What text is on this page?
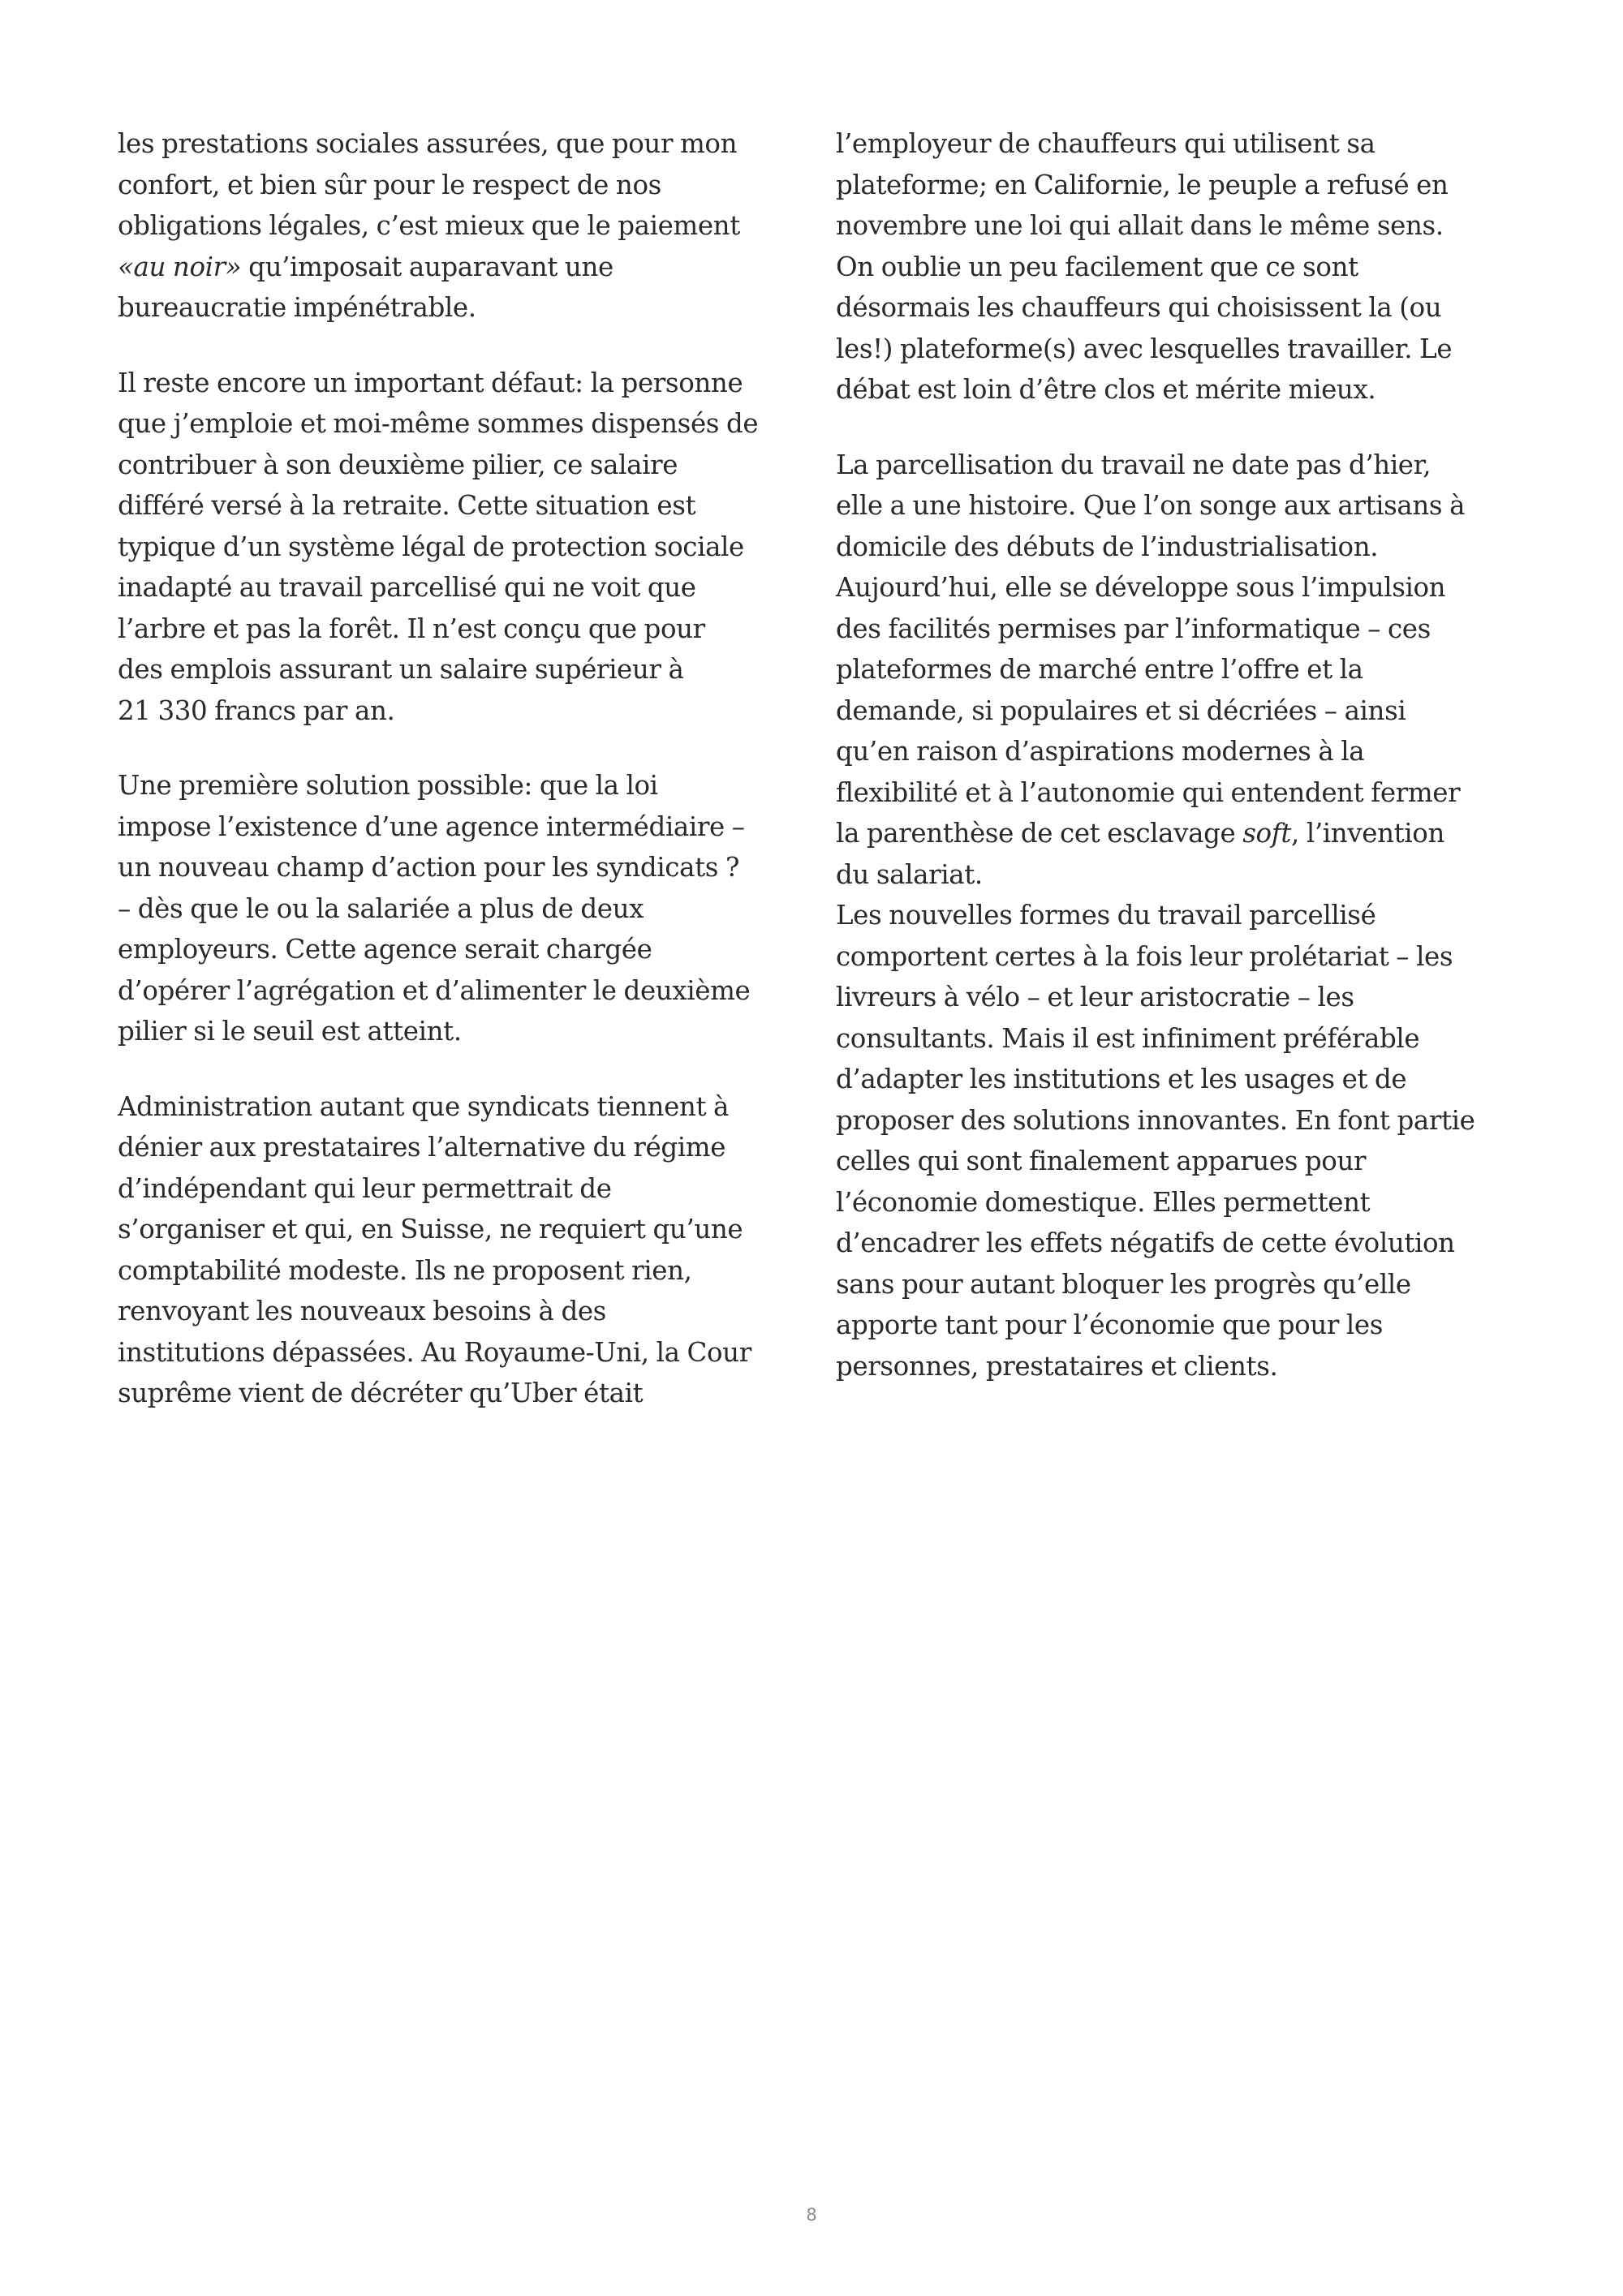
les prestations sociales assurées, que pour mon
confort, et bien sûr pour le respect de nos
obligations légales, c’est mieux que le paiement
«au noir» qu’imposait auparavant une
bureaucratie impénétrable.

Il reste encore un important défaut: la personne
que j’emploie et moi-même sommes dispensés de
contribuer à son deuxième pilier, ce salaire
différé versé à la retraite. Cette situation est
typique d’un système légal de protection sociale
inadapté au travail parcellisé qui ne voit que
l’arbre et pas la forêt. Il n’est conçu que pour
des emplois assurant un salaire supérieur à
21 330 francs par an.

Une première solution possible: que la loi
impose l’existence d’une agence intermédiaire –
un nouveau champ d’action pour les syndicats ?
– dès que le ou la salariée a plus de deux
employeurs. Cette agence serait chargée
d’opérer l’agrégation et d’alimenter le deuxième
pilier si le seuil est atteint.

Administration autant que syndicats tiennent à
dénier aux prestataires l’alternative du régime
d’indépendant qui leur permettrait de
s’organiser et qui, en Suisse, ne requiert qu’une
comptabilité modeste. Ils ne proposent rien,
renvoyant les nouveaux besoins à des
institutions dépassées. Au Royaume-Uni, la Cour
suprême vient de décréter qu’Uber était

l’employeur de chauffeurs qui utilisent sa
plateforme; en Californie, le peuple a refusé en
novembre une loi qui allait dans le même sens.
On oublie un peu facilement que ce sont
désormais les chauffeurs qui choisissent la (ou
les!) plateforme(s) avec lesquelles travailler. Le
débat est loin d’être clos et mérite mieux.

La parcellisation du travail ne date pas d’hier,
elle a une histoire. Que l’on songe aux artisans à
domicile des débuts de l’industrialisation.
Aujourd’hui, elle se développe sous l’impulsion
des facilités permises par l’informatique – ces
plateformes de marché entre l’offre et la
demande, si populaires et si décriées – ainsi
qu’en raison d’aspirations modernes à la
flexibilité et à l’autonomie qui entendent fermer
la parenthèse de cet esclavage soft, l’invention
du salariat.

Les nouvelles formes du travail parcellisé
comportent certes à la fois leur prolétariat – les
livreurs à vélo – et leur aristocratie – les
consultants. Mais il est infiniment préférable
d’adapter les institutions et les usages et de
proposer des solutions innovantes. En font partie
celles qui sont finalement apparues pour
l’économie domestique. Elles permettent
d’encadrer les effets négatifs de cette évolution
sans pour autant bloquer les progrès qu’elle
apporte tant pour l’économie que pour les
personnes, prestataires et clients.

8
